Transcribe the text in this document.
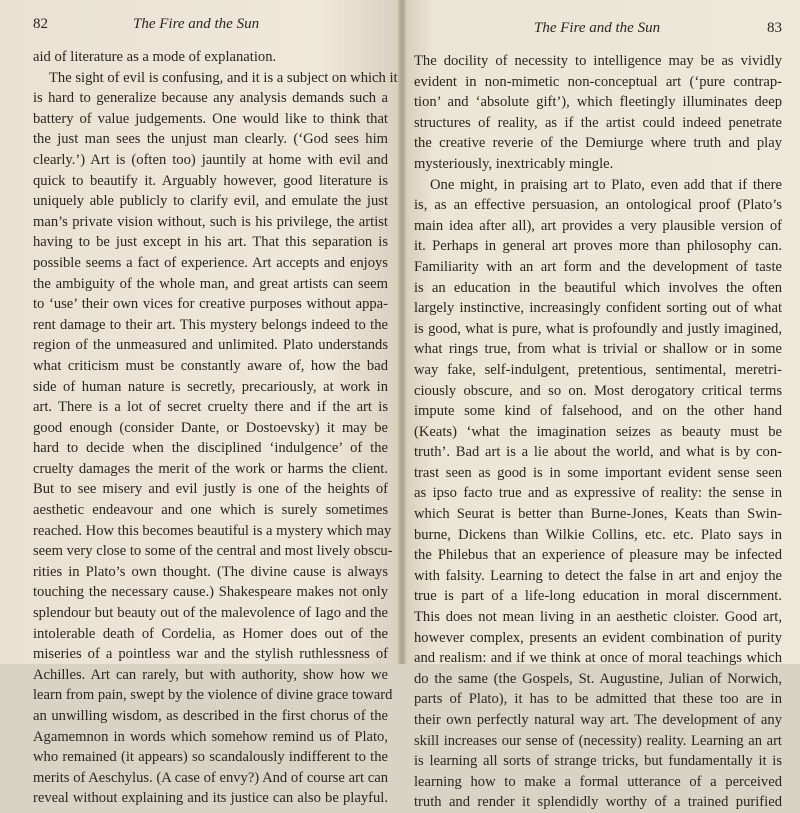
82	The Fire and the Sun
aid of literature as a mode of explanation.
The sight of evil is confusing, and it is a subject on which it
is hard to generalize because any analysis demands such a
battery of value judgements. One would like to think that
the just man sees the unjust man clearly. (‘God sees him
clearly.’) Art is (often too) jauntily at home with evil and
quick to beautify it. Arguably however, good literature is
uniquely able publicly to clarify evil, and emulate the just
man’s private vision without, such is his privilege, the artist
having to be just except in his art. That this separation is
possible seems a fact of experience. Art accepts and enjoys
the ambiguity of the whole man, and great artists can seem
to ‘use’ their own vices for creative purposes without appa-
rent damage to their art. This mystery belongs indeed to the
region of the unmeasured and unlimited. Plato understands
what criticism must be constantly aware of, how the bad
side of human nature is secretly, precariously, at work in
art. There is a lot of secret cruelty there and if the art is
good enough (consider Dante, or Dostoevsky) it may be
hard to decide when the disciplined ‘indulgence’ of the
cruelty damages the merit of the work or harms the client.
But to see misery and evil justly is one of the heights of
aesthetic endeavour and one which is surely sometimes
reached. How this becomes beautiful is a mystery which may
seem very close to some of the central and most lively obscu-
rities in Plato’s own thought. (The divine cause is always
touching the necessary cause.) Shakespeare makes not only
splendour but beauty out of the malevolence of Iago and the
intolerable death of Cordelia, as Homer does out of the
miseries of a pointless war and the stylish ruthlessness of
Achilles. Art can rarely, but with authority, show how we
learn from pain, swept by the violence of divine grace toward
an unwilling wisdom, as described in the first chorus of the
Agamemnon in words which somehow remind us of Plato,
who remained (it appears) so scandalously indifferent to the
merits of Aeschylus. (A case of envy?) And of course art can
reveal without explaining and its justice can also be playful.
The Fire and the Sun	83
The docility of necessity to intelligence may be as vividly
evident in non-mimetic non-conceptual art (‘pure contrap-
tion’ and ‘absolute gift’), which fleetingly illuminates deep
structures of reality, as if the artist could indeed penetrate
the creative reverie of the Demiurge where truth and play
mysteriously, inextricably mingle.
One might, in praising art to Plato, even add that if there
is, as an effective persuasion, an ontological proof (Plato’s
main idea after all), art provides a very plausible version of
it. Perhaps in general art proves more than philosophy can.
Familiarity with an art form and the development of taste
is an education in the beautiful which involves the often
largely instinctive, increasingly confident sorting out of what
is good, what is pure, what is profoundly and justly imagined,
what rings true, from what is trivial or shallow or in some
way fake, self-indulgent, pretentious, sentimental, meretri-
ciously obscure, and so on. Most derogatory critical terms
impute some kind of falsehood, and on the other hand
(Keats) ‘what the imagination seizes as beauty must be
truth’. Bad art is a lie about the world, and what is by con-
trast seen as good is in some important evident sense seen
as ipso facto true and as expressive of reality: the sense in
which Seurat is better than Burne-Jones, Keats than Swin-
burne, Dickens than Wilkie Collins, etc. etc. Plato says in
the Philebus that an experience of pleasure may be infected
with falsity. Learning to detect the false in art and enjoy the
true is part of a life-long education in moral discernment.
This does not mean living in an aesthetic cloister. Good art,
however complex, presents an evident combination of purity
and realism: and if we think at once of moral teachings which
do the same (the Gospels, St. Augustine, Julian of Norwich,
parts of Plato), it has to be admitted that these too are in
their own perfectly natural way art. The development of any
skill increases our sense of (necessity) reality. Learning an art
is learning all sorts of strange tricks, but fundamentally it is
learning how to make a formal utterance of a perceived
truth and render it splendidly worthy of a trained purified
